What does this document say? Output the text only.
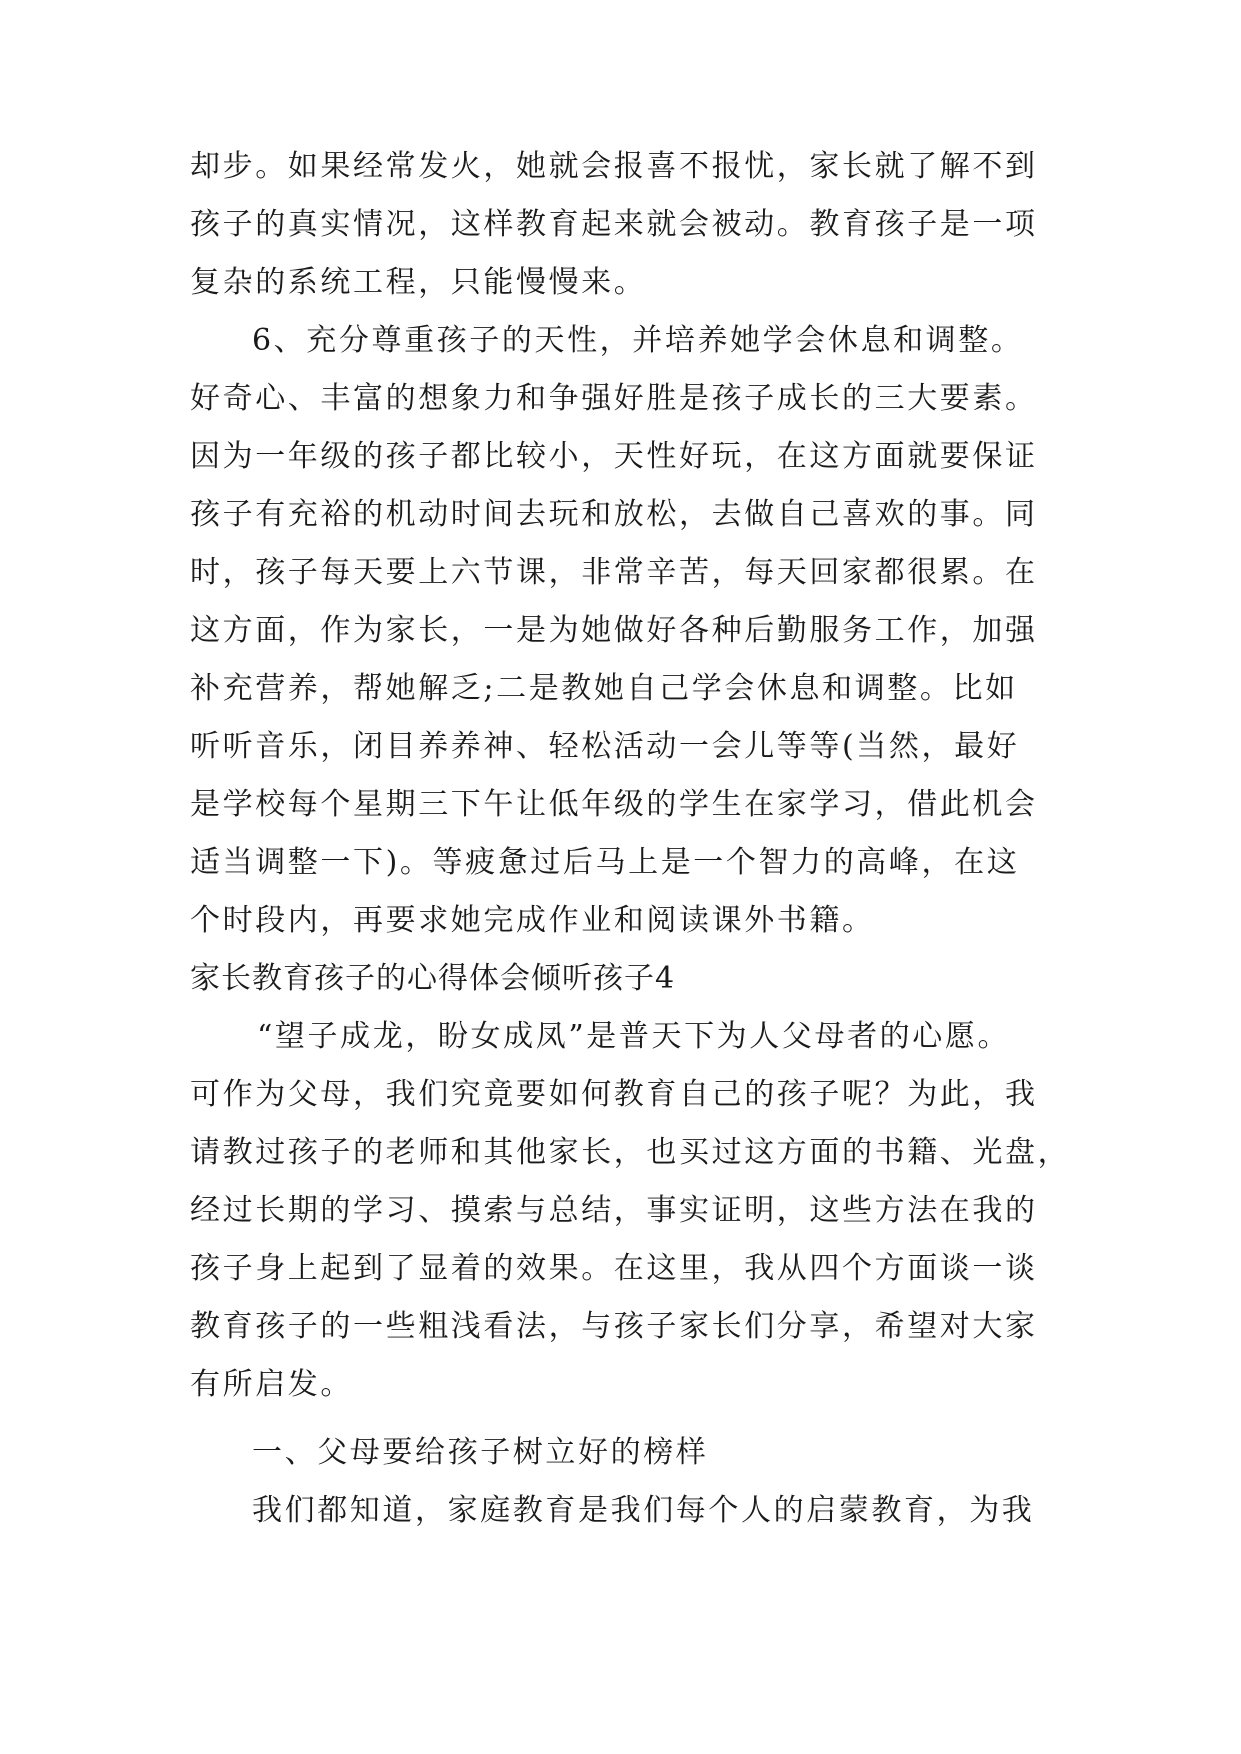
却步。如果经常发火，她就会报喜不报忧，家长就了解不到
孩子的真实情况，这样教育起来就会被动。教育孩子是一项
复杂的系统工程，只能慢慢来。
6、充分尊重孩子的天性，并培养她学会休息和调整。
好奇心、丰富的想象力和争强好胜是孩子成长的三大要素。
因为一年级的孩子都比较小，天性好玩，在这方面就要保证
孩子有充裕的机动时间去玩和放松，去做自己喜欢的事。同
时，孩子每天要上六节课，非常辛苦，每天回家都很累。在
这方面，作为家长，一是为她做好各种后勤服务工作，加强
补充营养，帮她解乏;二是教她自己学会休息和调整。比如
听听音乐，闭目养养神、轻松活动一会儿等等(当然，最好
是学校每个星期三下午让低年级的学生在家学习，借此机会
适当调整一下)。等疲惫过后马上是一个智力的高峰，在这
个时段内，再要求她完成作业和阅读课外书籍。
家长教育孩子的心得体会倾听孩子4
“望子成龙，盼女成凤”是普天下为人父母者的心愿。
可作为父母，我们究竟要如何教育自己的孩子呢？为此，我
请教过孩子的老师和其他家长，也买过这方面的书籍、光盘，
经过长期的学习、摸索与总结，事实证明，这些方法在我的
孩子身上起到了显着的效果。在这里，我从四个方面谈一谈
教育孩子的一些粗浅看法，与孩子家长们分享，希望对大家
有所启发。
一、父母要给孩子树立好的榜样
我们都知道，家庭教育是我们每个人的启蒙教育，为我
